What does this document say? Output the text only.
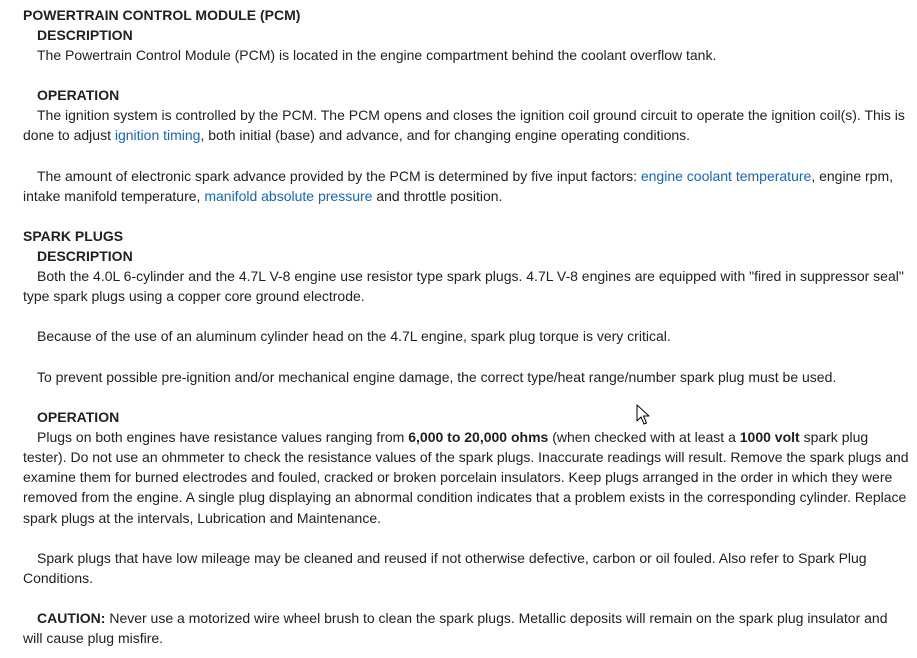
POWERTRAIN CONTROL MODULE (PCM)
DESCRIPTION

The Powertrain Control Module (PCM) is located in the engine compartment behind the coolant overflow tank.

OPERATION

The ignition system is controlled by the PCM. The PCM opens and closes the ignition coil ground circuit to operate the ignition coil(s). This is done to adjust ignition timing, both initial (base) and advance, and for changing engine operating conditions.

The amount of electronic spark advance provided by the PCM is determined by five input factors: engine coolant temperature, engine rpm, intake manifold temperature, manifold absolute pressure and throttle position.

SPARK PLUGS
DESCRIPTION

Both the 4.0L 6-cylinder and the 4.7L V-8 engine use resistor type spark plugs. 4.7L V-8 engines are equipped with "fired in suppressor seal" type spark plugs using a copper core ground electrode.

Because of the use of an aluminum cylinder head on the 4.7L engine, spark plug torque is very critical.

To prevent possible pre-ignition and/or mechanical engine damage, the correct type/heat range/number spark plug must be used.

OPERATION

Plugs on both engines have resistance values ranging from 6,000 to 20,000 ohms (when checked with at least a 1000 volt spark plug tester). Do not use an ohmmeter to check the resistance values of the spark plugs. Inaccurate readings will result. Remove the spark plugs and examine them for burned electrodes and fouled, cracked or broken porcelain insulators. Keep plugs arranged in the order in which they were removed from the engine. A single plug displaying an abnormal condition indicates that a problem exists in the corresponding cylinder. Replace spark plugs at the intervals, Lubrication and Maintenance.

Spark plugs that have low mileage may be cleaned and reused if not otherwise defective, carbon or oil fouled. Also refer to Spark Plug Conditions.

CAUTION: Never use a motorized wire wheel brush to clean the spark plugs. Metallic deposits will remain on the spark plug insulator and will cause plug misfire.
